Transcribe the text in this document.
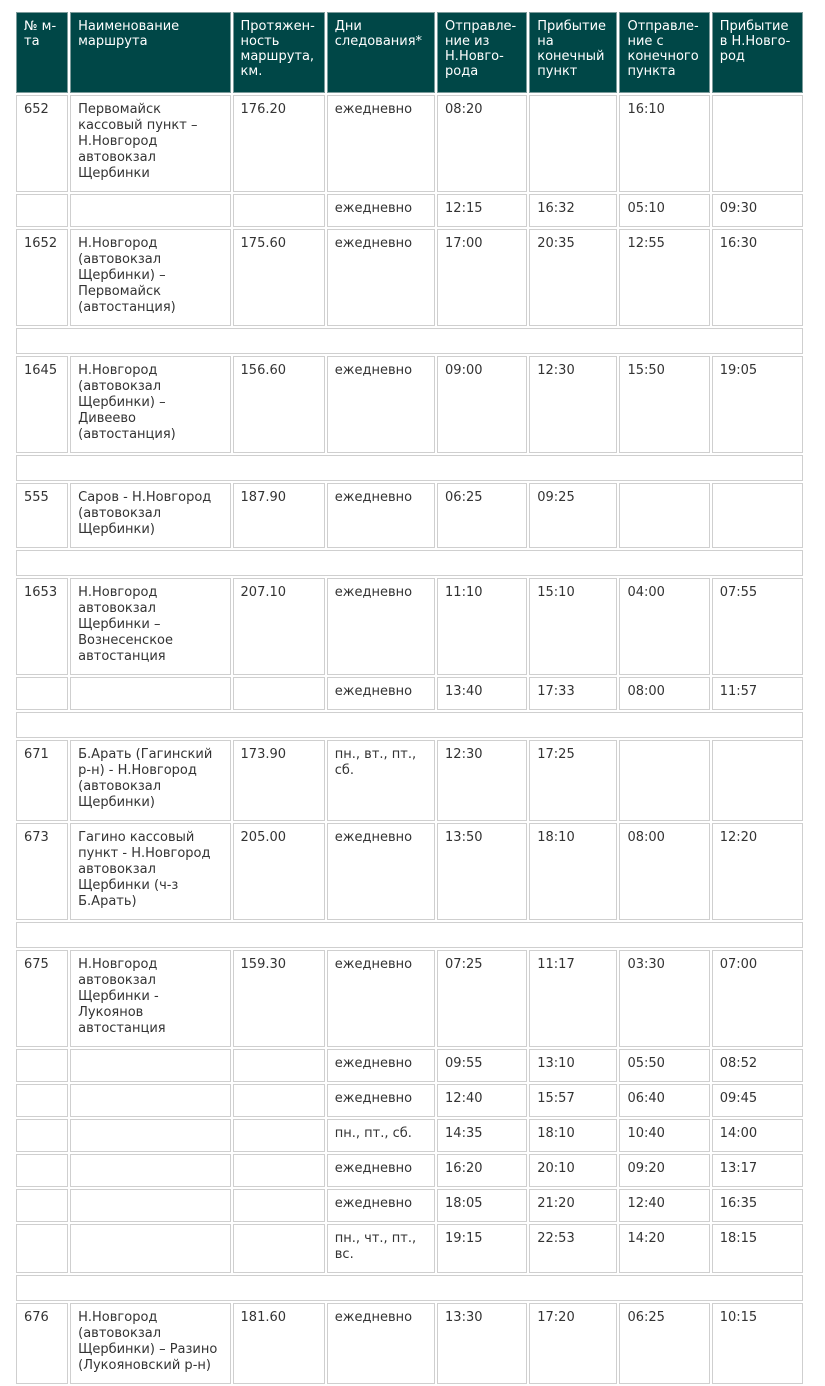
№ м-та	Наименование маршрута	Протяжен-ность маршрута, км.	Дни следования*	Отправле-ние из Н.Новго-рода	Прибытие на конечный пункт	Отправле-ние с конечного пункта	Прибытие в Н.Новго-род
652	Первомайск кассовый пункт – Н.Новгород автовокзал Щербинки	176.20	ежедневно	08:20		16:10	
			ежедневно	12:15	16:32	05:10	09:30
1652	Н.Новгород (автовокзал Щербинки) – Первомайск (автостанция)	175.60	ежедневно	17:00	20:35	12:55	16:30

1645	Н.Новгород (автовокзал Щербинки) – Дивеево (автостанция)	156.60	ежедневно	09:00	12:30	15:50	19:05

555	Саров - Н.Новгород (автовокзал Щербинки)	187.90	ежедневно	06:25	09:25		

1653	Н.Новгород автовокзал Щербинки – Вознесенское автостанция	207.10	ежедневно	11:10	15:10	04:00	07:55
			ежедневно	13:40	17:33	08:00	11:57

671	Б.Арать (Гагинский р-н) - Н.Новгород (автовокзал Щербинки)	173.90	пн., вт., пт., сб.	12:30	17:25		
673	Гагино кассовый пункт - Н.Новгород автовокзал Щербинки (ч-з Б.Арать)	205.00	ежедневно	13:50	18:10	08:00	12:20

675	Н.Новгород автовокзал Щербинки - Лукоянов автостанция	159.30	ежедневно	07:25	11:17	03:30	07:00
			ежедневно	09:55	13:10	05:50	08:52
			ежедневно	12:40	15:57	06:40	09:45
			пн., пт., сб.	14:35	18:10	10:40	14:00
			ежедневно	16:20	20:10	09:20	13:17
			ежедневно	18:05	21:20	12:40	16:35
			пн., чт., пт., вс.	19:15	22:53	14:20	18:15

676	Н.Новгород (автовокзал Щербинки) – Разино (Лукояновский р-н)	181.60	ежедневно	13:30	17:20	06:25	10:15
